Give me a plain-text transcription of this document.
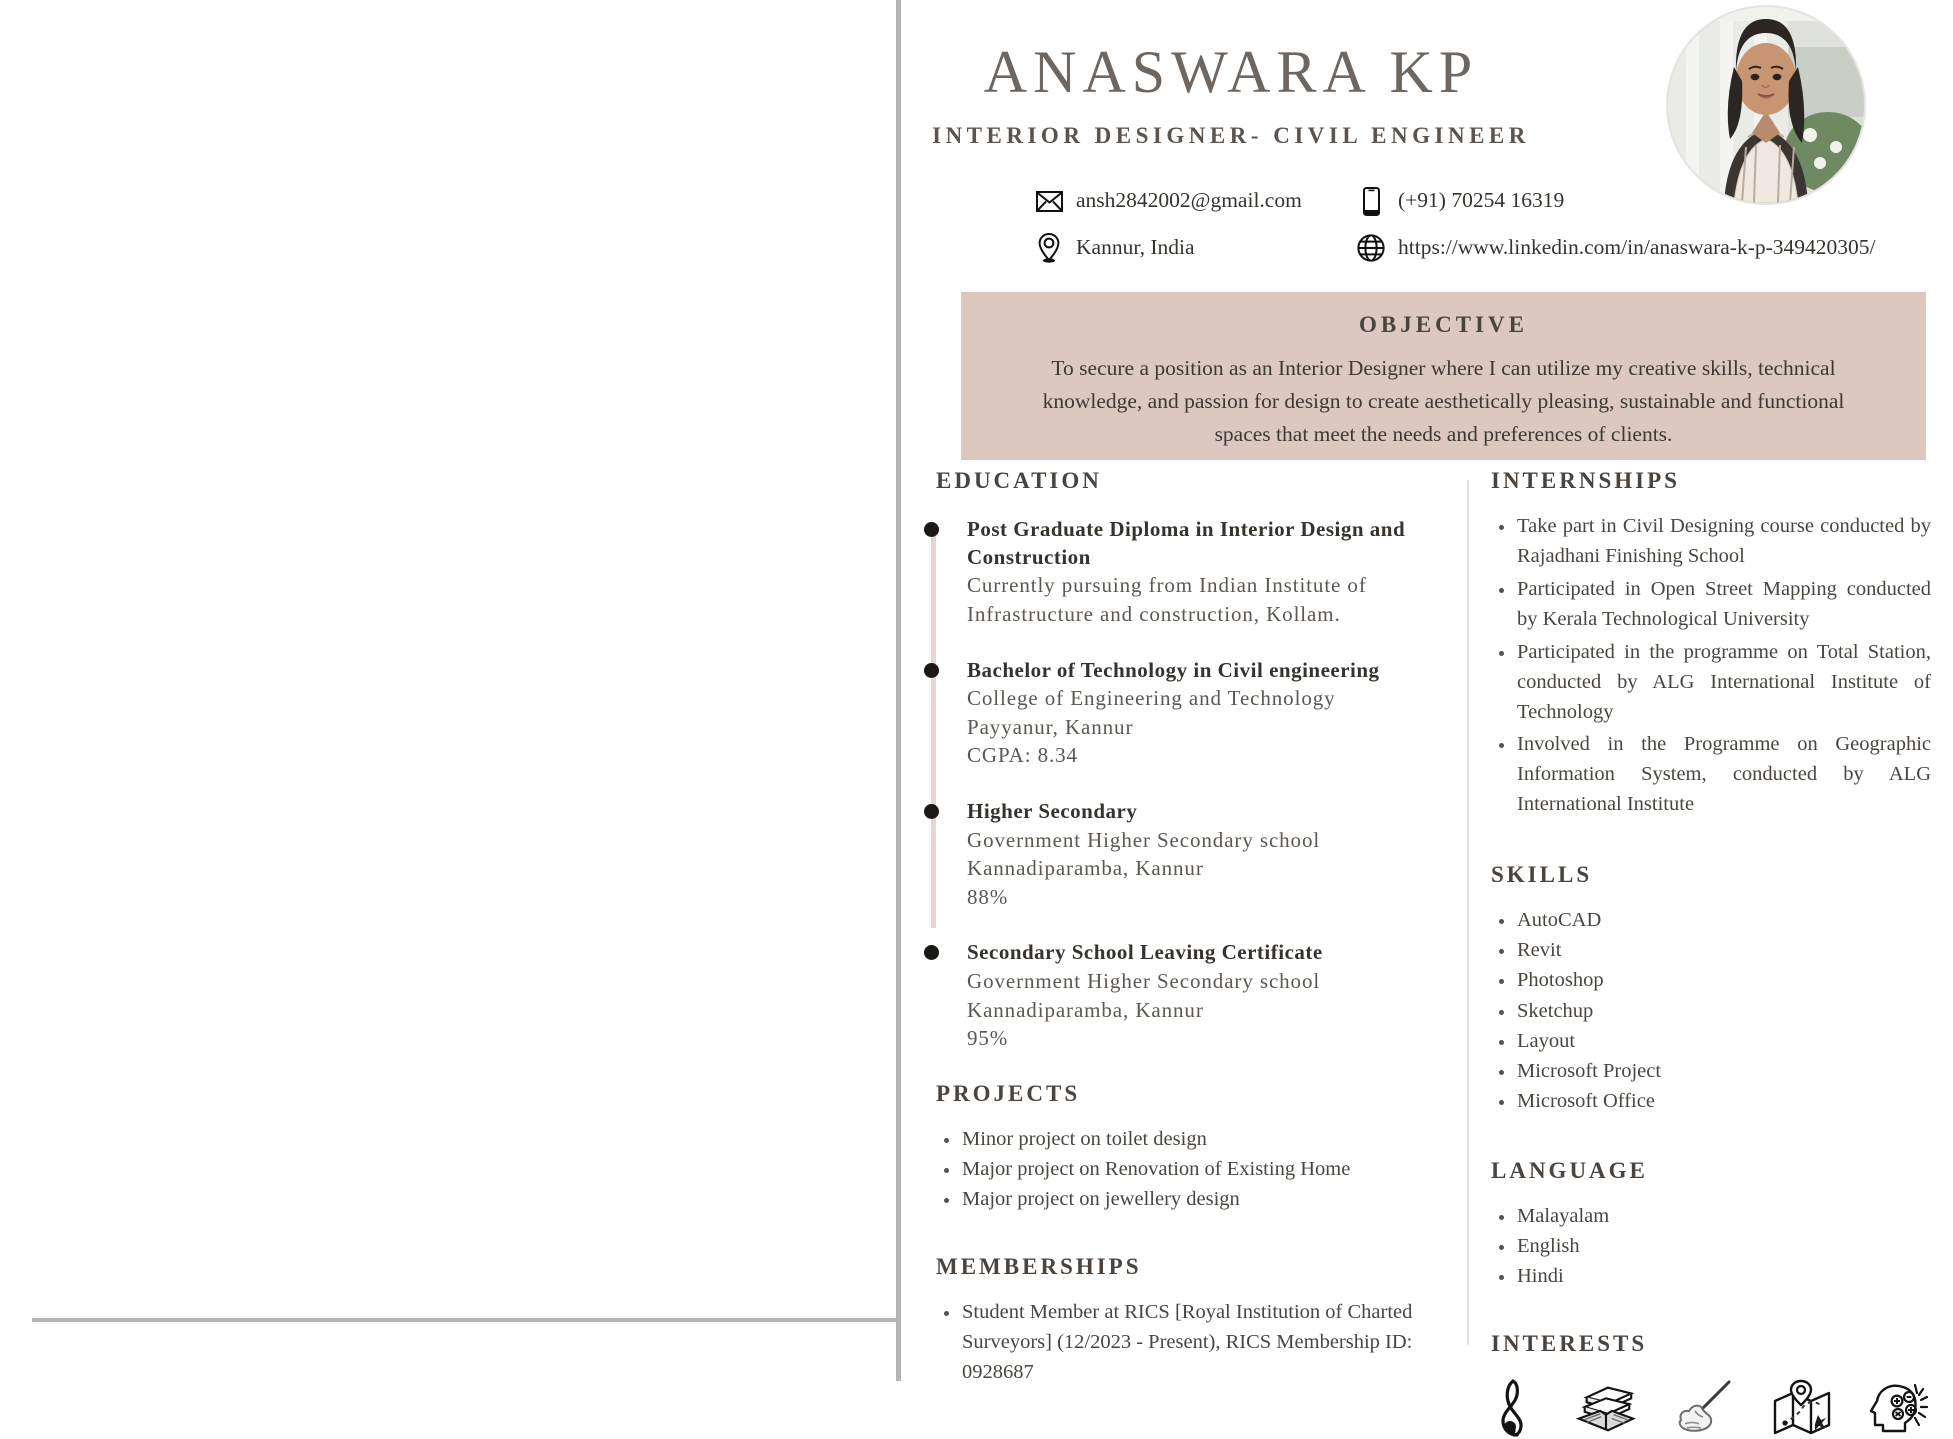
ANASWARA KP
INTERIOR DESIGNER- CIVIL ENGINEER
ansh2842002@gmail.com	(+91) 70254 16319
Kannur, India	https://www.linkedin.com/in/anaswara-k-p-349420305/
OBJECTIVE
To secure a position as an Interior Designer where I can utilize my creative skills, technical knowledge, and passion for design to create aesthetically pleasing, sustainable and functional spaces that meet the needs and preferences of clients.
EDUCATION
Post Graduate Diploma in Interior Design and Construction
Currently pursuing from Indian Institute of
Infrastructure and construction, Kollam.
Bachelor of Technology in Civil engineering
College of Engineering and Technology
Payyanur, Kannur
CGPA: 8.34
Higher Secondary
Government Higher Secondary school
Kannadiparamba, Kannur
88%
Secondary School Leaving Certificate
Government Higher Secondary school
Kannadiparamba, Kannur
95%
PROJECTS
Minor project on toilet design
Major project on Renovation of Existing Home
Major project on jewellery design
MEMBERSHIPS
Student Member at RICS [Royal Institution of Charted Surveyors] (12/2023 - Present), RICS Membership ID: 0928687
INTERNSHIPS
Take part in Civil Designing course conducted by Rajadhani Finishing School
Participated in Open Street Mapping conducted by Kerala Technological University
Participated in the programme on Total Station, conducted by ALG International Institute of Technology
Involved in the Programme on Geographic Information System, conducted by ALG International Institute
SKILLS
AutoCAD
Revit
Photoshop
Sketchup
Layout
Microsoft Project
Microsoft Office
LANGUAGE
Malayalam
English
Hindi
INTERESTS
